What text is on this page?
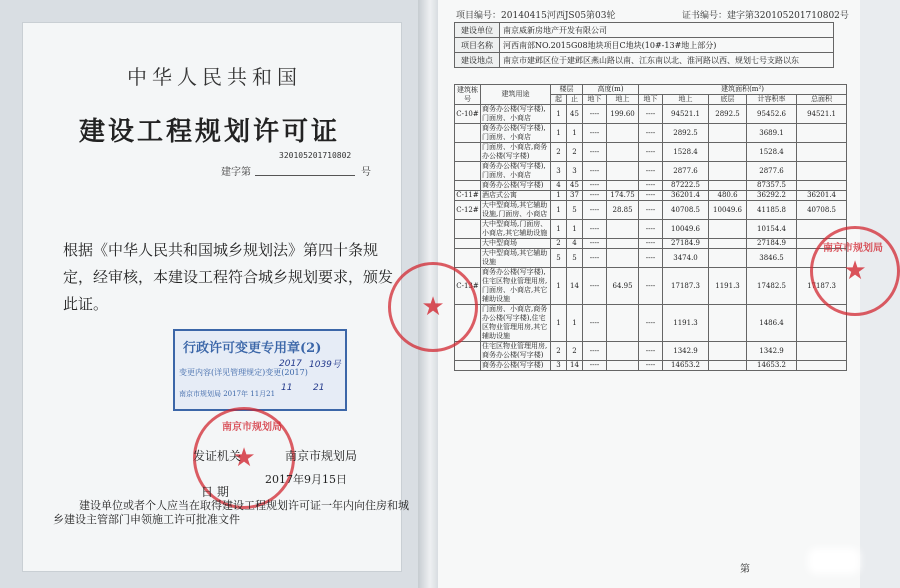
中华人民共和国
建设工程规划许可证
320105201710802
建字第	号
根据《中华人民共和国城乡规划法》第四十条规定，经审核，本建设工程符合城乡规划要求，颁发此证。
行政许可变更专用章(2)
变更内容(详见管理规定)变更(2017)
南京市规划局 2017年 11月21
2017 1039号
11 21
南京市规划局
★
发证机关	南京市规划局
日 期
2017年9月15日
建设单位或者个人应当在取得建设工程规划许可证一年内向住房和城乡建设主管部门申领施工许可批准文件
项目编号：20140415河西JS05第03轮	证书编号：建字第320105201710802号
建设单位	南京威新房地产开发有限公司
项目名称	河西南部NO.2015G08地块项目C地块(10#-13#地上部分)
建设地点	南京市建邺区位于建邺区燕山路以南、江东南以北、淮河路以西、规划七号支路以东
建筑栋号	建筑用途	楼层		高度(m)		建筑面积(m²)				
		起	止	地下	地上	地下	地上	底层	计容积率	总面积
C-10#	商务办公楼(写字楼),门面房、小商店	1	45	----	199.60	----	94521.1	2892.5	95452.6	94521.1
	商务办公楼(写字楼),门面房、小商店	1	1	----		----	2892.5		3689.1	
	门面房、小商店,商务办公楼(写字楼)	2	2	----		----	1528.4		1528.4	
	商务办公楼(写字楼),门面房、小商店	3	3	----		----	2877.6		2877.6	
	商务办公楼(写字楼)	4	45	----		----	87222.5		87357.5	
C-11#	酒店式公寓	1	37	----	174.75	----	36201.4	480.6	36292.2	36201.4
C-12#	大中型商场,其它辅助设施,门面房、小商店	1	5	----	28.85	----	40708.5	10049.6	41185.8	40708.5
	大中型商场,门面房、小商店,其它辅助设施	1	1	----		----	10049.6		10154.4	
	大中型商场	2	4	----		----	27184.9		27184.9	
	大中型商场,其它辅助设施	5	5	----		----	3474.0		3846.5	
C-13#	商务办公楼(写字楼),住宅区物业管理用房,门面房、小商店,其它辅助设施	1	14	----	64.95	----	17187.3	1191.3	17482.5	17187.3
	门面房、小商店,商务办公楼(写字楼),住宅区物业管理用房,其它辅助设施	1	1	----		----	1191.3		1486.4	
	住宅区物业管理用房,商务办公楼(写字楼)	2	2	----		----	1342.9		1342.9	
	商务办公楼(写字楼)	3	14	----		----	14653.2		14653.2	
★
南京市规划局
★
第
